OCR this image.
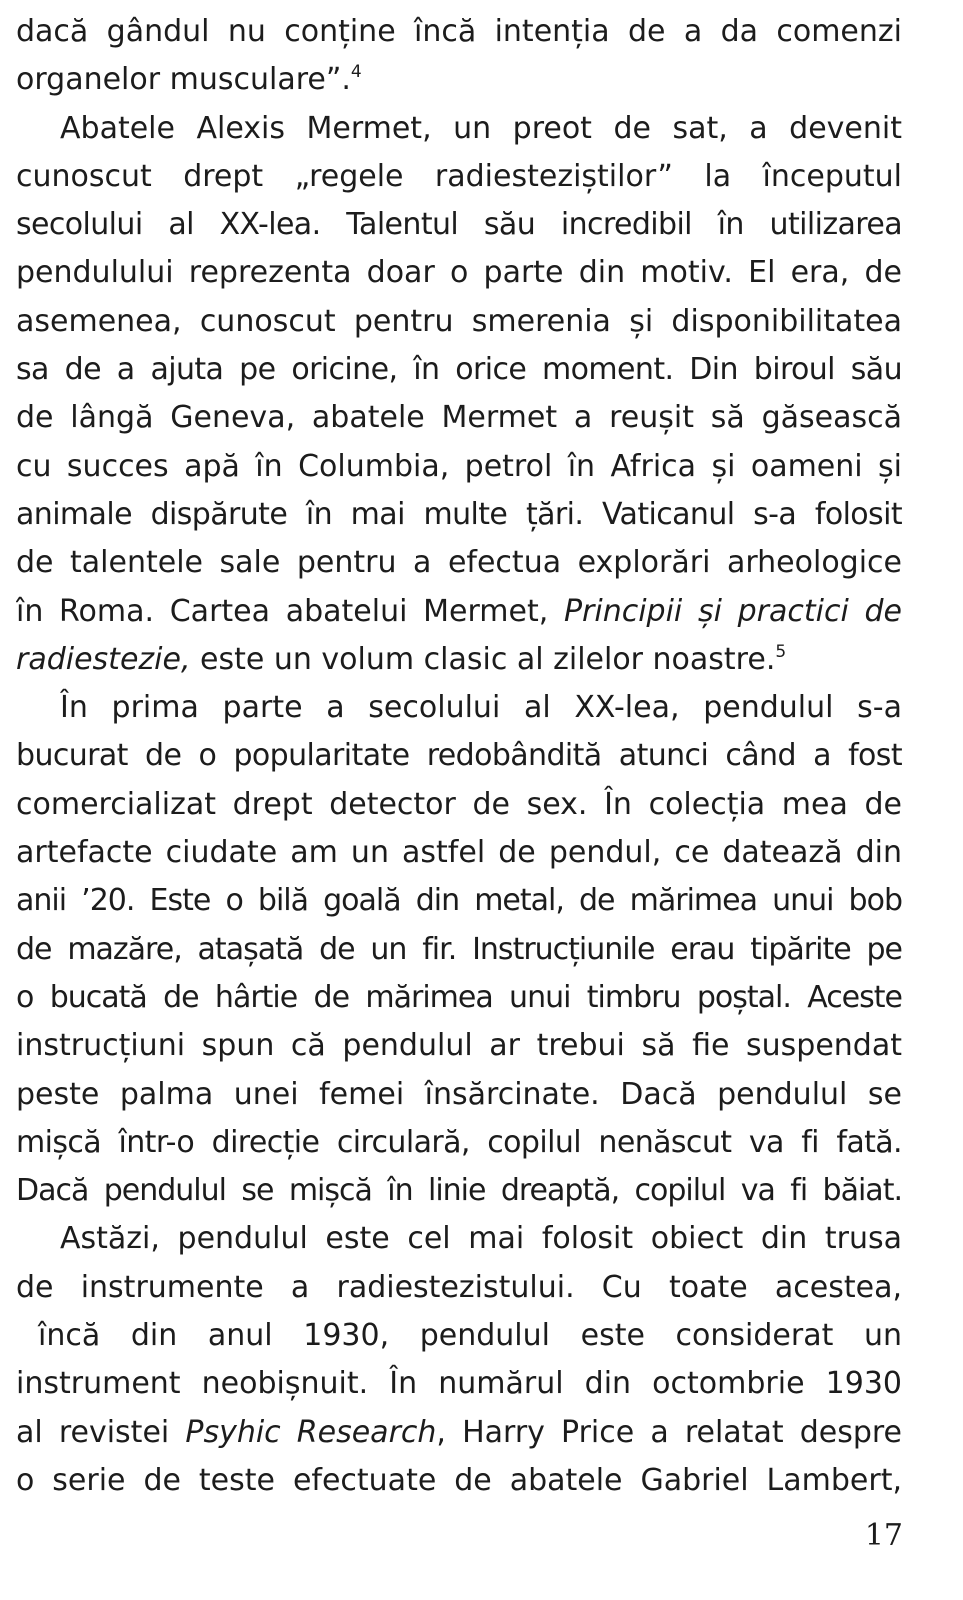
dacă gândul nu conține încă intenția de a da comenzi
organelor musculare”.$^4$
Abatele Alexis Mermet, un preot de sat, a devenit
cunoscut drept „regele radiesteziștilor” la începutul
secolului al XX-lea. Talentul său incredibil în utilizarea
pendulului reprezenta doar o parte din motiv. El era, de
asemenea, cunoscut pentru smerenia și disponibilitatea
sa de a ajuta pe oricine, în orice moment. Din biroul său
de lângă Geneva, abatele Mermet a reușit să găsească
cu succes apă în Columbia, petrol în Africa și oameni și
animale dispărute în mai multe țări. Vaticanul s-a folosit
de talentele sale pentru a efectua explorări arheologice
în Roma. Cartea abatelui Mermet, Principii și practici de
radiestezie, este un volum clasic al zilelor noastre.$^5$
În prima parte a secolului al XX-lea, pendulul s-a
bucurat de o popularitate redobândită atunci când a fost
comercializat drept detector de sex. În colecția mea de
artefacte ciudate am un astfel de pendul, ce datează din
anii ’20. Este o bilă goală din metal, de mărimea unui bob
de mazăre, atașată de un fir. Instrucțiunile erau tipărite pe
o bucată de hârtie de mărimea unui timbru poștal. Aceste
instrucțiuni spun că pendulul ar trebui să fie suspendat
peste palma unei femei însărcinate. Dacă pendulul se
mișcă într-o direcție circulară, copilul nenăscut va fi fată.
Dacă pendulul se mișcă în linie dreaptă, copilul va fi băiat.
Astăzi, pendulul este cel mai folosit obiect din trusa
de instrumente a radiestezistului. Cu toate acestea,
încă din anul 1930, pendulul este considerat un
instrument neobișnuit. În numărul din octombrie 1930
al revistei Psyhic Research, Harry Price a relatat despre
o serie de teste efectuate de abatele Gabriel Lambert,
17
